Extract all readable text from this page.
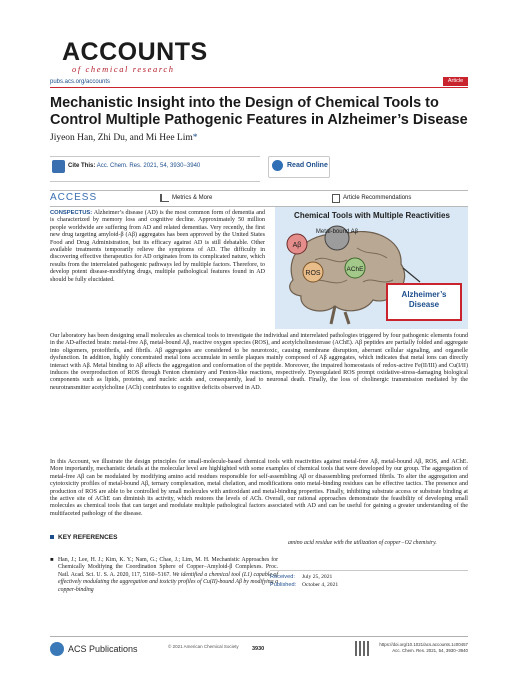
ACCOUNTS
of chemical research
pubs.acs.org/accounts	Article
Mechanistic Insight into the Design of Chemical Tools to Control Multiple Pathogenic Features in Alzheimer’s Disease
Jiyeon Han, Zhi Du, and Mi Hee Lim*
Cite This: Acc. Chem. Res. 2021, 54, 3930−3940	Read Online
ACCESS	Metrics & More	Article Recommendations
CONSPECTUS: Alzheimer’s disease (AD) is the most common form of dementia and is characterized by memory loss and cognitive decline. Approximately 50 million people worldwide are suffering from AD and related dementias. Very recently, the first new drug targeting amyloid-β (Aβ) aggregates has been approved by the United States Food and Drug Administration, but its efficacy against AD is still debatable. Other available treatments temporarily relieve the symptoms of AD. The difficulty in discovering effective therapeutics for AD originates from its complicated nature, which results from the interrelated pathogenic pathways led by multiple factors. Therefore, to develop potent disease-modifying drugs, multiple pathological features found in AD should be fully elucidated.
Chemical Tools with Multiple Reactivities
Aβ
Metal-bound Aβ
ROS
AChE
Alzheimer’s Disease
Our laboratory has been designing small molecules as chemical tools to investigate the individual and interrelated pathologies triggered by four pathogenic elements found in the AD-affected brain: metal-free Aβ, metal-bound Aβ, reactive oxygen species (ROS), and acetylcholinesterase (AChE). Aβ peptides are partially folded and aggregate into oligomers, protofibrils, and fibrils. Aβ aggregates are considered to be neurotoxic, causing membrane disruption, aberrant cellular signaling, and organelle dysfunction. In addition, highly concentrated metal ions accumulate in senile plaques mainly composed of Aβ aggregates, which indicates that metal ions can directly interact with Aβ. Metal binding to Aβ affects the aggregation and conformation of the peptide. Moreover, the impaired homeostasis of redox-active Fe(II/III) and Cu(I/II) induces the overproduction of ROS through Fenton chemistry and Fenton-like reactions, respectively. Dysregulated ROS prompt oxidative-stress-damaging biological components such as lipids, proteins, and nucleic acids and, consequently, lead to neuronal death. Finally, the loss of cholinergic transmission mediated by the neurotransmitter acetylcholine (ACh) contributes to cognitive deficits observed in AD.
In this Account, we illustrate the design principles for small-molecule-based chemical tools with reactivities against metal-free Aβ, metal-bound Aβ, ROS, and AChE. More importantly, mechanistic details at the molecular level are highlighted with some examples of chemical tools that were developed by our group. The aggregation of metal-free Aβ can be modulated by modifying amino acid residues responsible for self-assembling Aβ or disassembling preformed fibrils. To alter the aggregation and cytotoxicity profiles of metal-bound Aβ, ternary complexation, metal chelation, and modifications onto metal-binding residues can be effective tactics. The presence and production of ROS are able to be controlled by small molecules with antioxidant and metal-binding properties. Finally, inhibiting substrate access or substrate binding at the active site of AChE can diminish its activity, which restores the levels of ACh. Overall, our rational approaches demonstrate the feasibility of developing small molecules as chemical tools that can target and modulate multiple pathological factors associated with AD and can be useful for gaining a greater understanding of the multifaceted pathology of the disease.
KEY REFERENCES
■ Han, J.; Lee, H. J.; Kim, K. Y.; Nam, G.; Chae, J.; Lim, M. H. Mechanistic Approaches for Chemically Modifying the Coordination Sphere of Copper−Amyloid-β Complexes. Proc. Natl. Acad. Sci. U. S. A. 2020, 117, 5160−5167. We identified a chemical tool (L1) capable of effectively modulating the aggregation and toxicity profiles of Cu(II)-bound Aβ by modifying a copper-binding
amino acid residue with the utilization of copper−O2 chemistry.
Received: July 25, 2021
Published: October 4, 2021
ACS Publications	© 2021 American Chemical Society 3930
https://doi.org/10.1021/acs.accounts.1c00457
Acc. Chem. Res. 2021, 54, 3930−3940
